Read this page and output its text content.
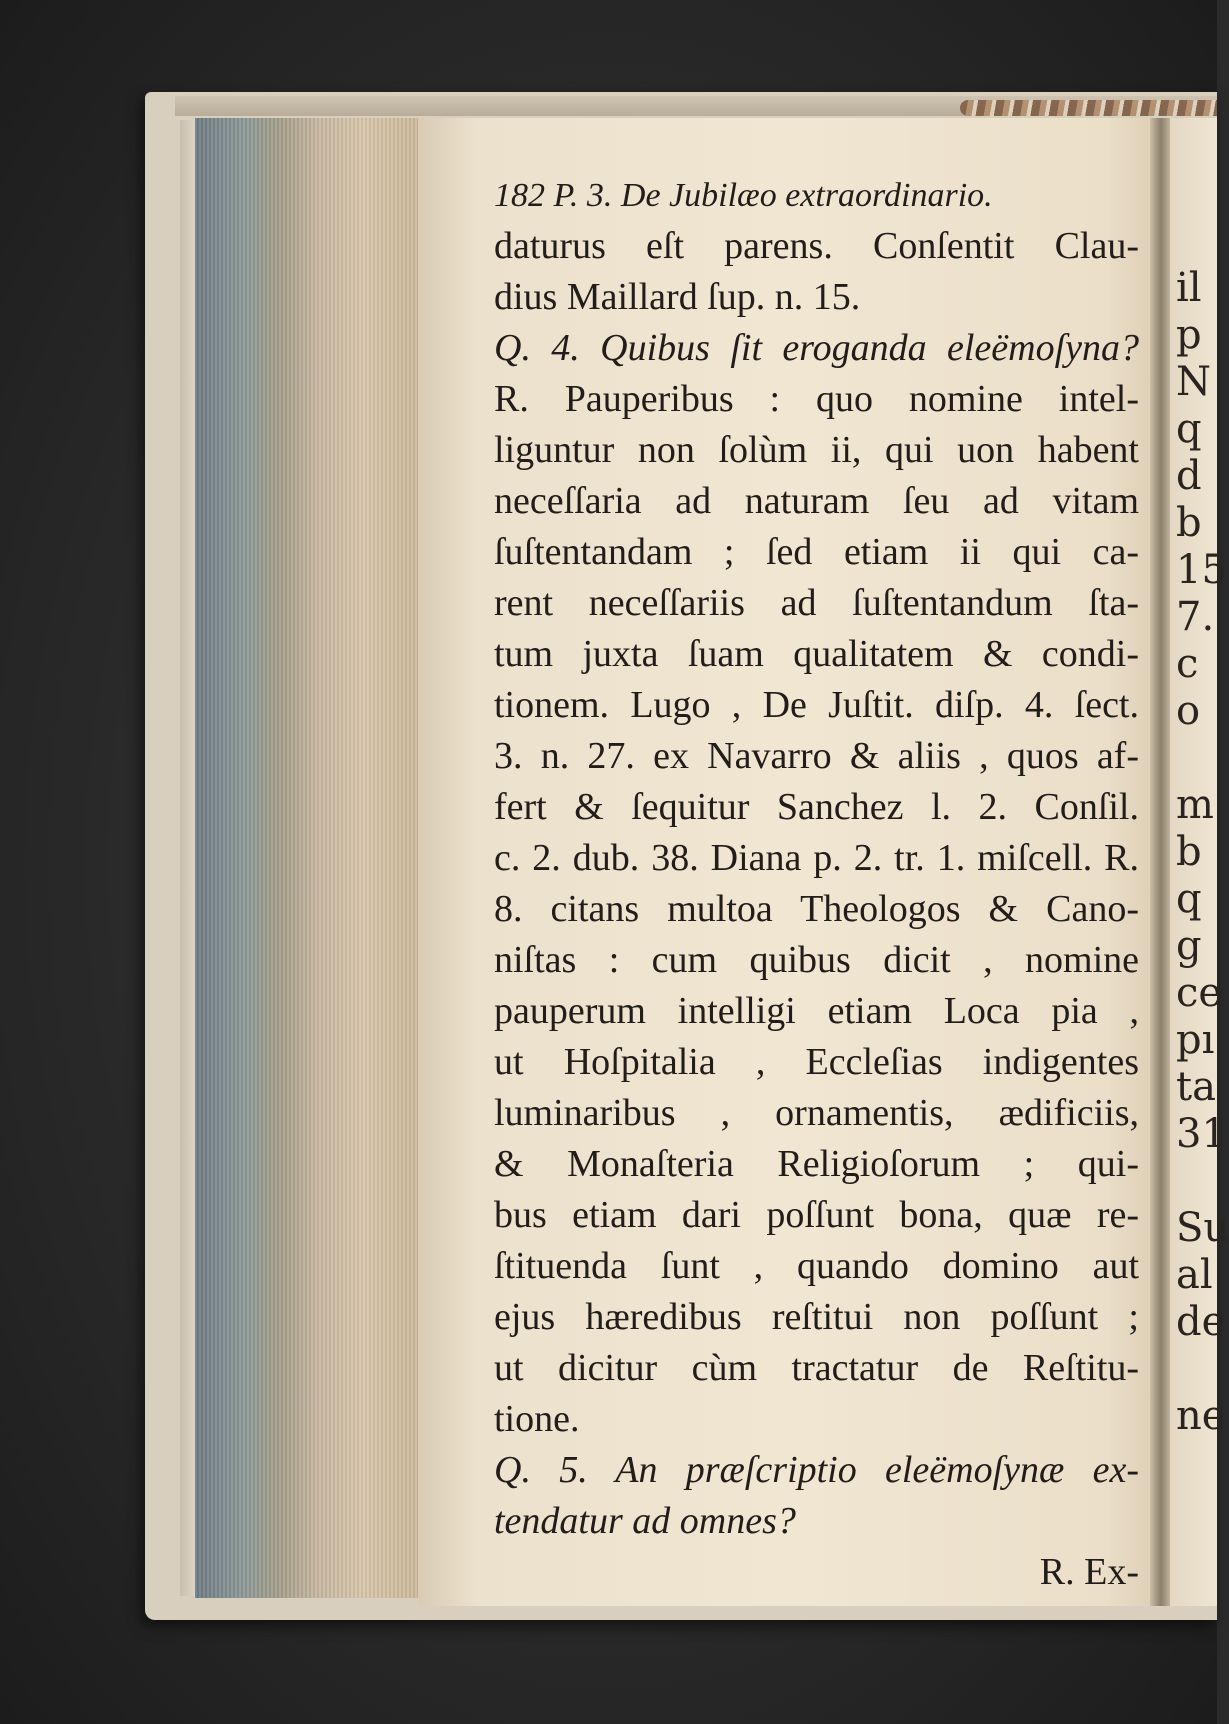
il
p
N
q
d
b
15
7.
c
o
m
b
q
g
ce
pı
ta
31
Su
al
de
ne
182 P. 3. De Jubilæo extraordinario.
daturus eſt parens. Conſentit Clau-
dius Maillard ſup. n. 15.
Q. 4. Quibus ſit eroganda eleëmoſyna?
R. Pauperibus : quo nomine intel-
liguntur non ſolùm ii, qui uon habent
neceſſaria ad naturam ſeu ad vitam
ſuſtentandam ; ſed etiam ii qui ca-
rent neceſſariis ad ſuſtentandum ſta-
tum juxta ſuam qualitatem & condi-
tionem. Lugo , De Juſtit. diſp. 4. ſect.
3. n. 27. ex Navarro & aliis , quos af-
fert & ſequitur Sanchez l. 2. Conſil.
c. 2. dub. 38. Diana p. 2. tr. 1. miſcell. R.
8. citans multoa Theologos & Cano-
niſtas : cum quibus dicit , nomine
pauperum intelligi etiam Loca pia ,
ut Hoſpitalia , Eccleſias indigentes
luminaribus , ornamentis, ædificiis,
& Monaſteria Religioſorum ; qui-
bus etiam dari poſſunt bona, quæ re-
ſtituenda ſunt , quando domino aut
ejus hæredibus reſtitui non poſſunt ;
ut dicitur cùm tractatur de Reſtitu-
tione.
Q. 5. An præſcriptio eleëmoſynæ ex-
tendatur ad omnes?
R. Ex-
